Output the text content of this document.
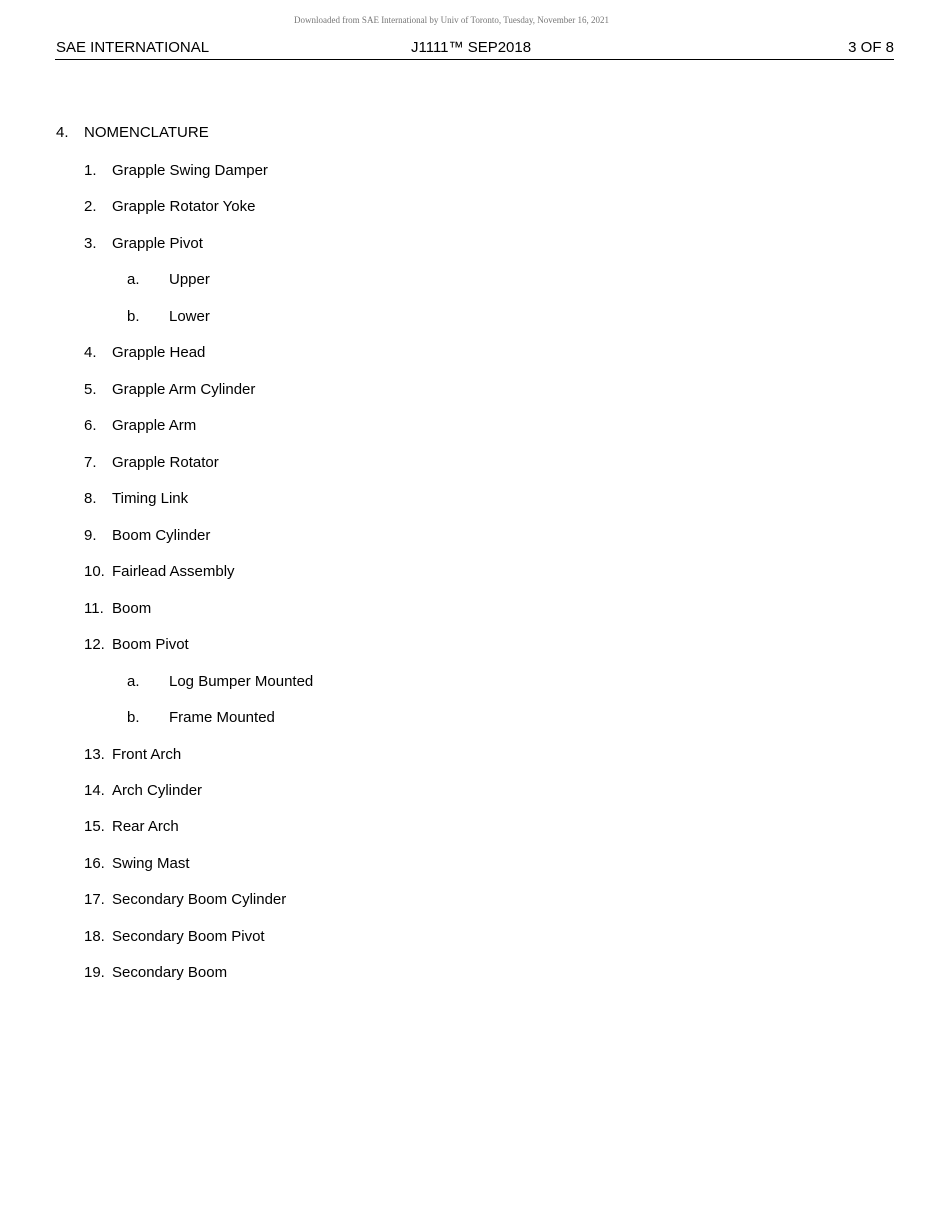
Downloaded from SAE International by Univ of Toronto, Tuesday, November 16, 2021
SAE INTERNATIONAL	J1111™ SEP2018	3 OF 8
4. NOMENCLATURE
1. Grapple Swing Damper
2. Grapple Rotator Yoke
3. Grapple Pivot
a. Upper
b. Lower
4. Grapple Head
5. Grapple Arm Cylinder
6. Grapple Arm
7. Grapple Rotator
8. Timing Link
9. Boom Cylinder
10. Fairlead Assembly
11. Boom
12. Boom Pivot
a. Log Bumper Mounted
b. Frame Mounted
13. Front Arch
14. Arch Cylinder
15. Rear Arch
16. Swing Mast
17. Secondary Boom Cylinder
18. Secondary Boom Pivot
19. Secondary Boom
